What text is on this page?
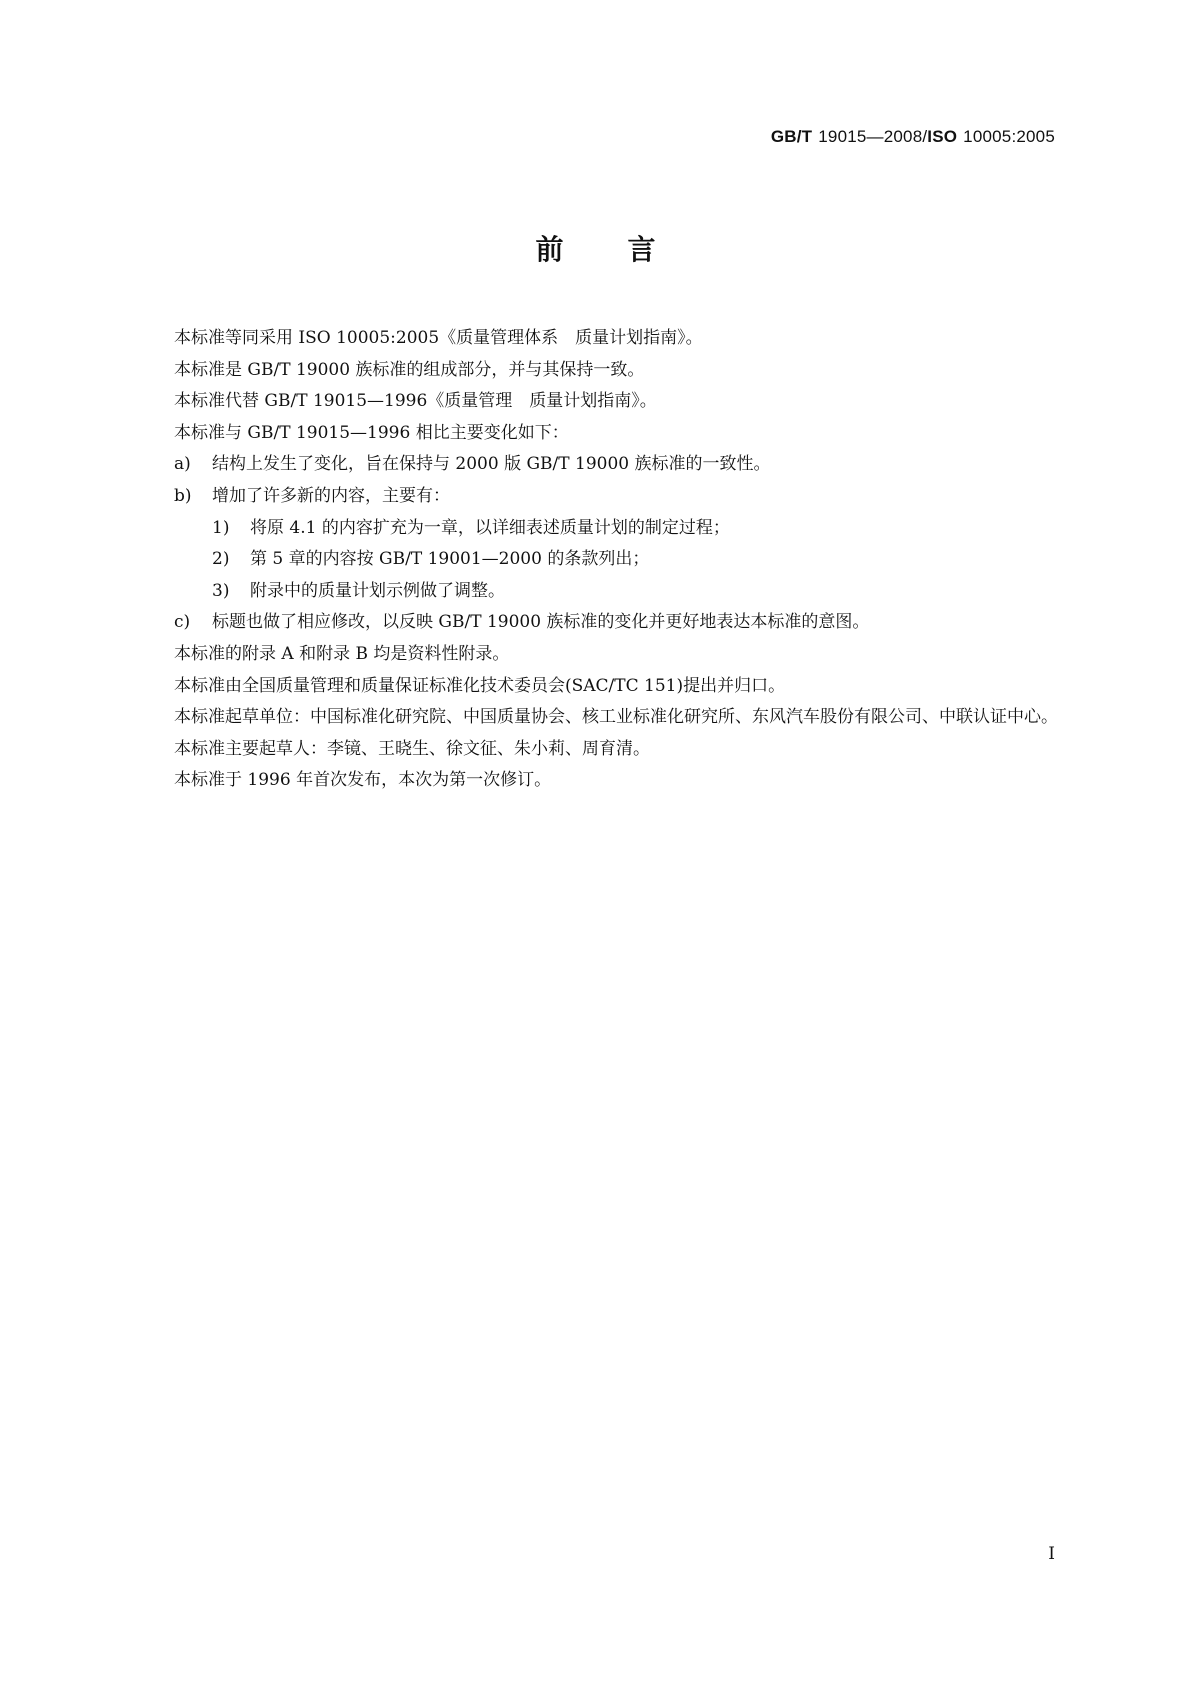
GB/T 19015—2008/ISO 10005:2005
前言
本标准等同采用 ISO 10005:2005《质量管理体系　质量计划指南》。
本标准是 GB/T 19000 族标准的组成部分，并与其保持一致。
本标准代替 GB/T 19015—1996《质量管理　质量计划指南》。
本标准与 GB/T 19015—1996 相比主要变化如下：
a) 结构上发生了变化，旨在保持与 2000 版 GB/T 19000 族标准的一致性。
b) 增加了许多新的内容，主要有：
1) 将原 4.1 的内容扩充为一章，以详细表述质量计划的制定过程；
2) 第 5 章的内容按 GB/T 19001—2000 的条款列出；
3) 附录中的质量计划示例做了调整。
c) 标题也做了相应修改，以反映 GB/T 19000 族标准的变化并更好地表达本标准的意图。
本标准的附录 A 和附录 B 均是资料性附录。
本标准由全国质量管理和质量保证标准化技术委员会(SAC/TC 151)提出并归口。
本标准起草单位：中国标准化研究院、中国质量协会、核工业标准化研究所、东风汽车股份有限公司、中联认证中心。
本标准主要起草人：李镜、王晓生、徐文征、朱小莉、周育清。
本标准于 1996 年首次发布，本次为第一次修订。
I
